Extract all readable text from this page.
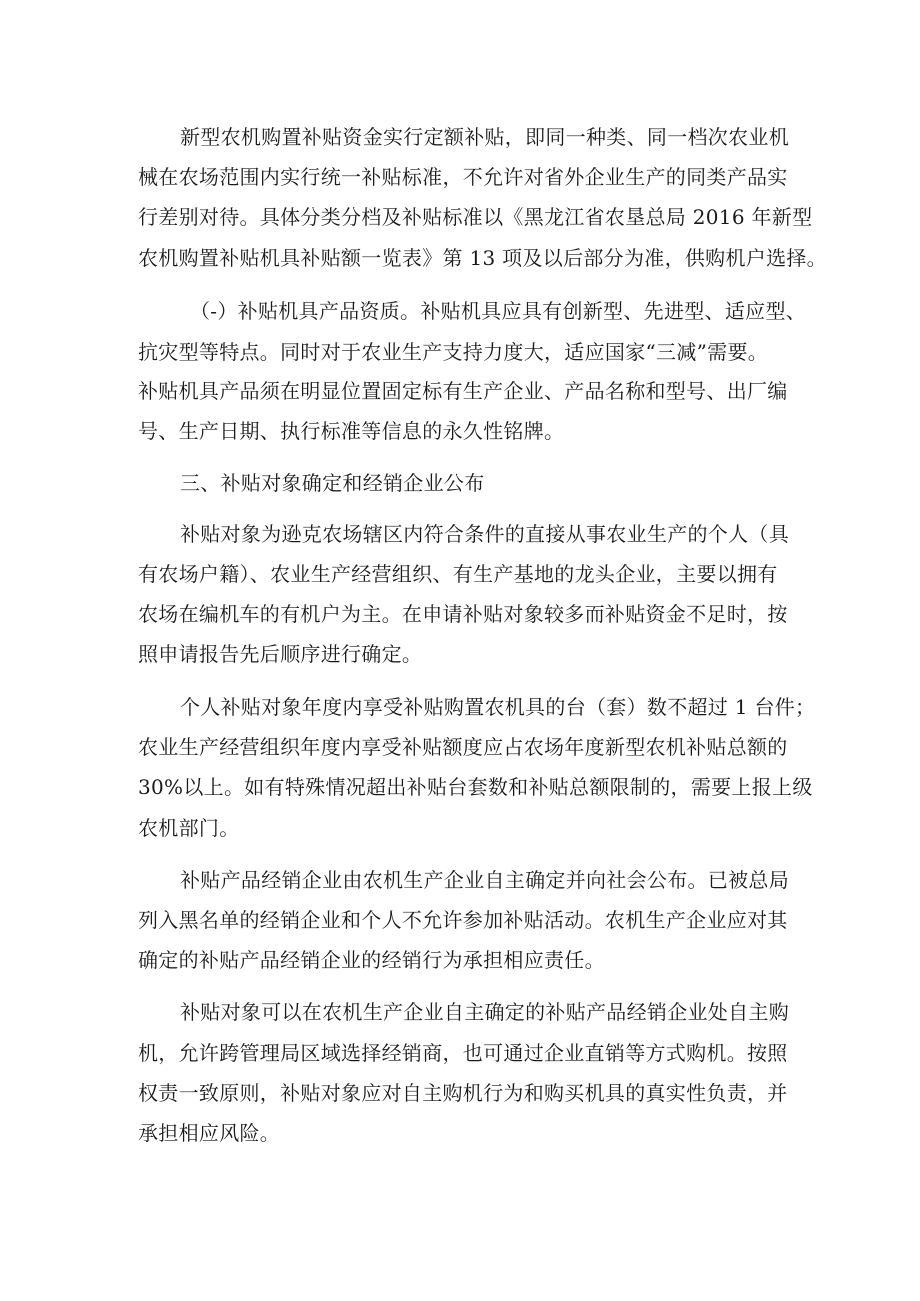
新型农机购置补贴资金实行定额补贴，即同一种类、同一档次农业机
械在农场范围内实行统一补贴标准，不允许对省外企业生产的同类产品实
行差别对待。具体分类分档及补贴标准以《黑龙江省农垦总局 2016 年新型
农机购置补贴机具补贴额一览表》第 13 项及以后部分为准，供购机户选择。
（-）补贴机具产品资质。补贴机具应具有创新型、先进型、适应型、
抗灾型等特点。同时对于农业生产支持力度大，适应国家“三减”需要。
补贴机具产品须在明显位置固定标有生产企业、产品名称和型号、出厂编
号、生产日期、执行标准等信息的永久性铭牌。
三、补贴对象确定和经销企业公布
补贴对象为逊克农场辖区内符合条件的直接从事农业生产的个人（具
有农场户籍）、农业生产经营组织、有生产基地的龙头企业，主要以拥有
农场在编机车的有机户为主。在申请补贴对象较多而补贴资金不足时，按
照申请报告先后顺序进行确定。
个人补贴对象年度内享受补贴购置农机具的台（套）数不超过 1 台件；
农业生产经营组织年度内享受补贴额度应占农场年度新型农机补贴总额的
30%以上。如有特殊情况超出补贴台套数和补贴总额限制的，需要上报上级
农机部门。
补贴产品经销企业由农机生产企业自主确定并向社会公布。已被总局
列入黑名单的经销企业和个人不允许参加补贴活动。农机生产企业应对其
确定的补贴产品经销企业的经销行为承担相应责任。
补贴对象可以在农机生产企业自主确定的补贴产品经销企业处自主购
机，允许跨管理局区域选择经销商，也可通过企业直销等方式购机。按照
权责一致原则，补贴对象应对自主购机行为和购买机具的真实性负责，并
承担相应风险。
